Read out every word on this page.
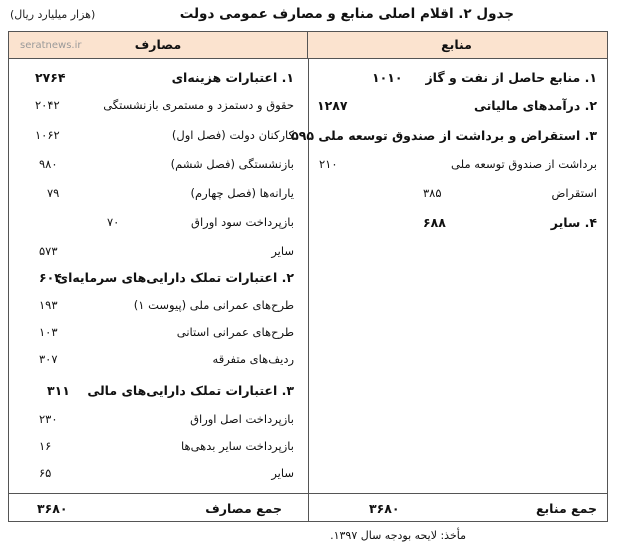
جدول ۲. اقلام اصلی منابع و مصارف عمومی دولت
(هزار میلیارد ریال)
منابع
مصارف
۱. منابع حاصل از نفت و گاز
۱۰۱۰
۲. درآمدهای مالیاتی
۱۲۸۷
۳. استقراض و برداشت از صندوق توسعه ملی ۵۹۵
برداشت از صندوق توسعه ملی
۲۱۰
استقراض
۳۸۵
۴. سایر
۶۸۸
جمع منابع
۳۶۸۰
۱. اعتبارات هزینه‌ای
۲۷۶۴
حقوق و دستمزد و مستمری بازنشستگی
۲۰۴۲
کارکنان دولت (فصل اول)
۱۰۶۲
بازنشستگی (فصل ششم)
۹۸۰
یارانه‌ها (فصل چهارم)
۷۹
بازپرداخت سود اوراق
۷۰
سایر
۵۷۳
۲. اعتبارات تملک دارایی‌های سرمایه‌ای
۶۰۴
طرح‌های عمرانی ملی (پیوست ۱)
۱۹۳
طرح‌های عمرانی استانی
۱۰۳
ردیف‌های متفرقه
۳۰۷
۳. اعتبارات تملک دارایی‌های مالی
۳۱۱
بازپرداخت اصل اوراق
۲۳۰
بازپرداخت سایر بدهی‌ها
۱۶
سایر
۶۵
جمع مصارف
۳۶۸۰
seratnews.ir
مأخذ: لایحه بودجه سال ۱۳۹۷.
